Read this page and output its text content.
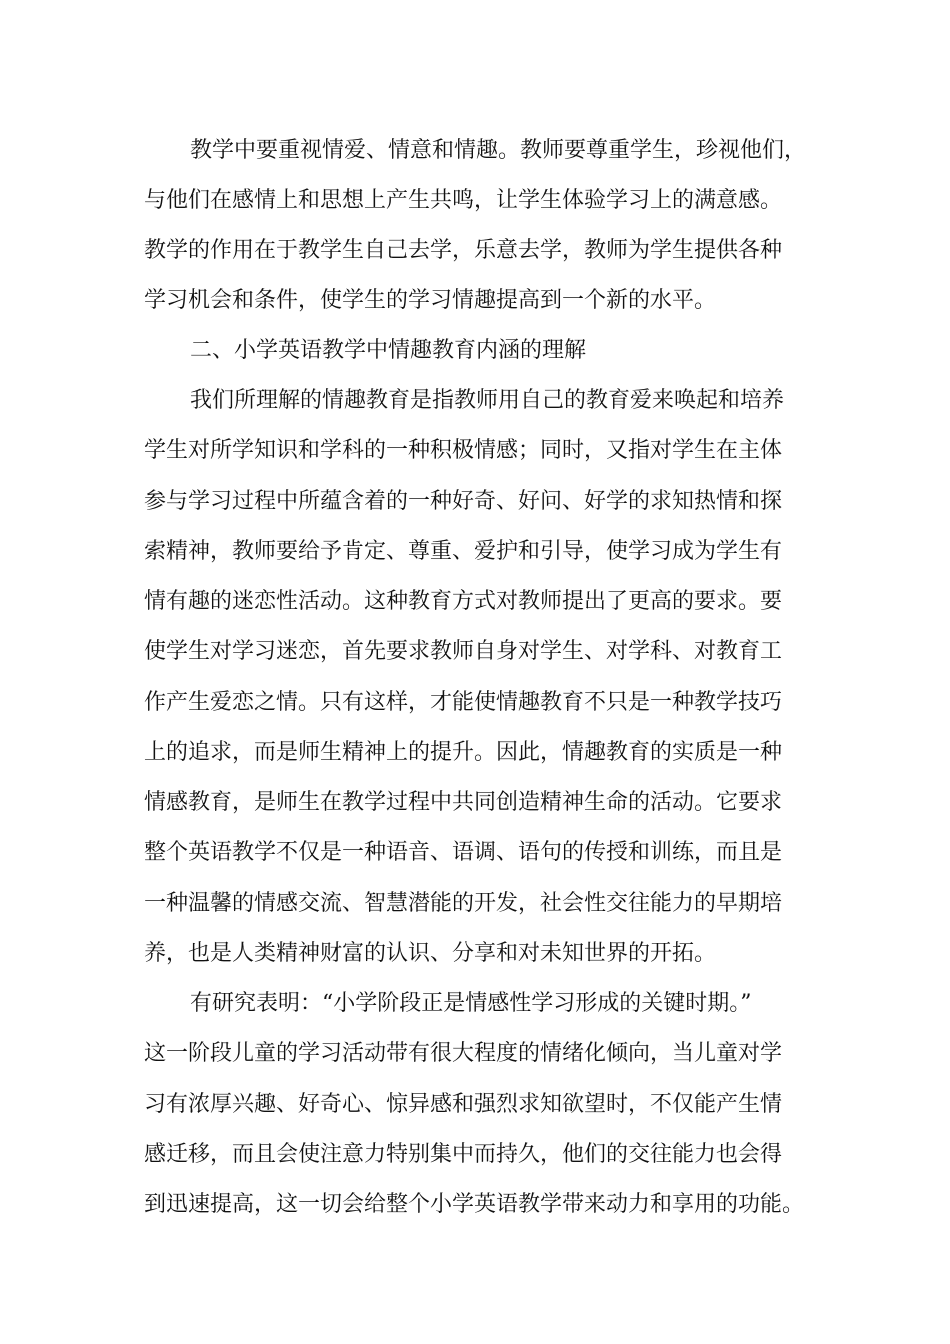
教学中要重视情爱、情意和情趣。教师要尊重学生，珍视他们，
与他们在感情上和思想上产生共鸣，让学生体验学习上的满意感。
教学的作用在于教学生自己去学，乐意去学，教师为学生提供各种
学习机会和条件，使学生的学习情趣提高到一个新的水平。
二、小学英语教学中情趣教育内涵的理解
我们所理解的情趣教育是指教师用自己的教育爱来唤起和培养
学生对所学知识和学科的一种积极情感；同时，又指对学生在主体
参与学习过程中所蕴含着的一种好奇、好问、好学的求知热情和探
索精神，教师要给予肯定、尊重、爱护和引导，使学习成为学生有
情有趣的迷恋性活动。这种教育方式对教师提出了更高的要求。要
使学生对学习迷恋，首先要求教师自身对学生、对学科、对教育工
作产生爱恋之情。只有这样，才能使情趣教育不只是一种教学技巧
上的追求，而是师生精神上的提升。因此，情趣教育的实质是一种
情感教育，是师生在教学过程中共同创造精神生命的活动。它要求
整个英语教学不仅是一种语音、语调、语句的传授和训练，而且是
一种温馨的情感交流、智慧潜能的开发，社会性交往能力的早期培
养，也是人类精神财富的认识、分享和对未知世界的开拓。
有研究表明：“小学阶段正是情感性学习形成的关键时期。”
这一阶段儿童的学习活动带有很大程度的情绪化倾向，当儿童对学
习有浓厚兴趣、好奇心、惊异感和强烈求知欲望时，不仅能产生情
感迁移，而且会使注意力特别集中而持久，他们的交往能力也会得
到迅速提高，这一切会给整个小学英语教学带来动力和享用的功能。
